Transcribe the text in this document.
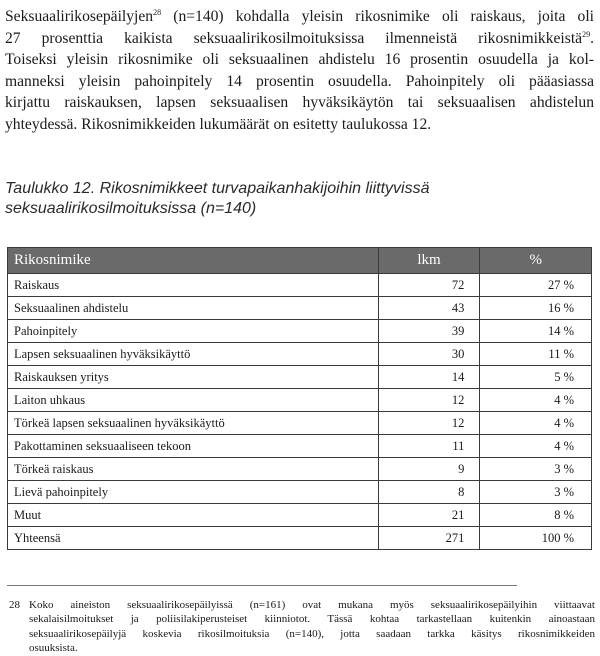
Seksuaalirikosepäilyjen$^{28}$ (n=140) kohdalla yleisin rikosnimike oli raiskaus, joita oli
27 prosenttia kaikista seksuaalirikosilmoituksissa ilmenneistä rikosnimikkeistä$^{29}$.
Toiseksi yleisin rikosnimike oli seksuaalinen ahdistelu 16 prosentin osuudella ja kol-
manneksi yleisin pahoinpitely 14 prosentin osuudella. Pahoinpitely oli pääasiassa
kirjattu raiskauksen, lapsen seksuaalisen hyväksikäytön tai seksuaalisen ahdistelun
yhteydessä. Rikosnimikkeiden lukumäärät on esitetty taulukossa 12.
Taulukko 12. Rikosnimikkeet turvapaikanhakijoihin liittyvissä
seksuaalirikosilmoituksissa (n=140)
Rikosnimike	lkm	%
Raiskaus	72	27 %
Seksuaalinen ahdistelu	43	16 %
Pahoinpitely	39	14 %
Lapsen seksuaalinen hyväksikäyttö	30	11 %
Raiskauksen yritys	14	5 %
Laiton uhkaus	12	4 %
Törkeä lapsen seksuaalinen hyväksikäyttö	12	4 %
Pakottaminen seksuaaliseen tekoon	11	4 %
Törkeä raiskaus	9	3 %
Lievä pahoinpitely	8	3 %
Muut	21	8 %
Yhteensä	271	100 %
28 Koko aineiston seksuaalirikosepäilyissä (n=161) ovat mukana myös seksuaalirikosepäilyihin viittaavat
sekalaisilmoitukset ja poliisilakiperusteiset kiinniotot. Tässä kohtaa tarkastellaan kuitenkin ainoastaan
seksuaalirikosepäilyjä koskevia rikosilmoituksia (n=140), jotta saadaan tarkka käsitys rikosnimikkeiden
osuuksista.
